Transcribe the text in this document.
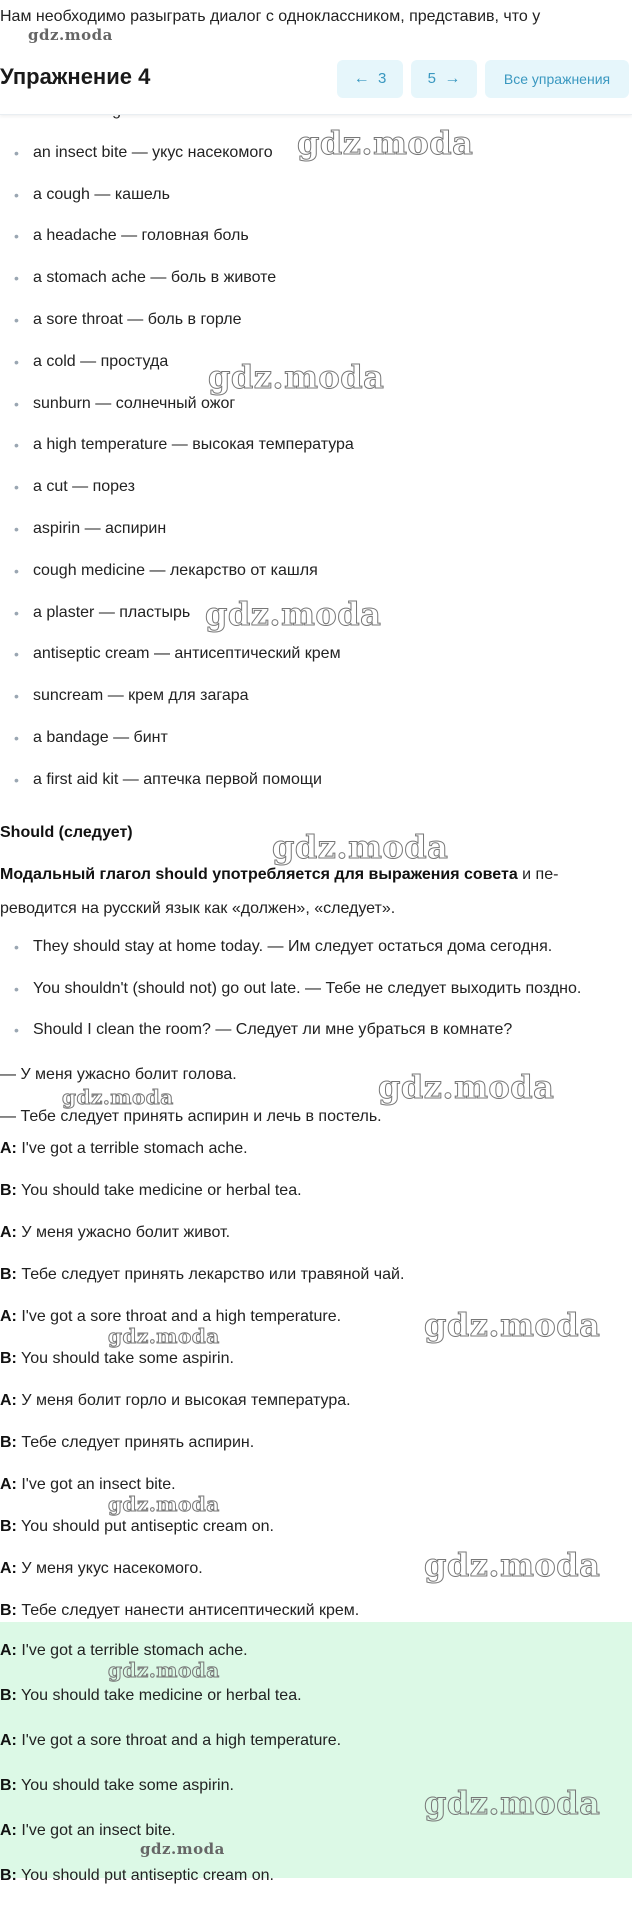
Нам необходимо разыграть диалог с одноклассником, представив, что у
gdz.moda
•
• an insect bite — укус насекомого
• a cough — кашель
• a headache — головная боль
• a stomach ache — боль в животе
• a sore throat — боль в горле
• a cold — простуда
• sunburn — солнечный ожог
• a high temperature — высокая температура
• a cut — порез
• aspirin — аспирин
• cough medicine — лекарство от кашля
• a plaster — пластырь
• antiseptic cream — антисептический крем
• suncream — крем для загара
• a bandage — бинт
• a first aid kit — аптечка первой помощи
Упражнение 4	← 3	5 →	Все упражнения
gdz.moda
gdz.moda
gdz.moda
Should (следует)	gdz.moda
Модальный глагол should употребляется для выражения совета и пе-
реводится на русский язык как «должен», «следует».
• They should stay at home today. — Им следует остаться дома сегодня.
• You shouldn't (should not) go out late. — Тебе не следует выходить поздно.
• Should I clean the room? — Следует ли мне убраться в комнате?
— У меня ужасно болит голова.	gdz.moda
gdz.moda
— Тебе следует принять аспирин и лечь в постель.
A: I've got a terrible stomach ache.
B: You should take medicine or herbal tea.
A: У меня ужасно болит живот.
B: Тебе следует принять лекарство или травяной чай.
A: I've got a sore throat and a high temperature.	gdz.moda
gdz.moda
B: You should take some aspirin.
A: У меня болит горло и высокая температура.
B: Тебе следует принять аспирин.
A: I've got an insect bite.
gdz.moda
B: You should put antiseptic cream on.
A: У меня укус насекомого.	gdz.moda
B: Тебе следует нанести антисептический крем.
A: I've got a terrible stomach ache.
gdz.moda
B: You should take medicine or herbal tea.
A: I've got a sore throat and a high temperature.
B: You should take some aspirin.	gdz.moda
A: I've got an insect bite.
gdz.moda
B: You should put antiseptic cream on.
